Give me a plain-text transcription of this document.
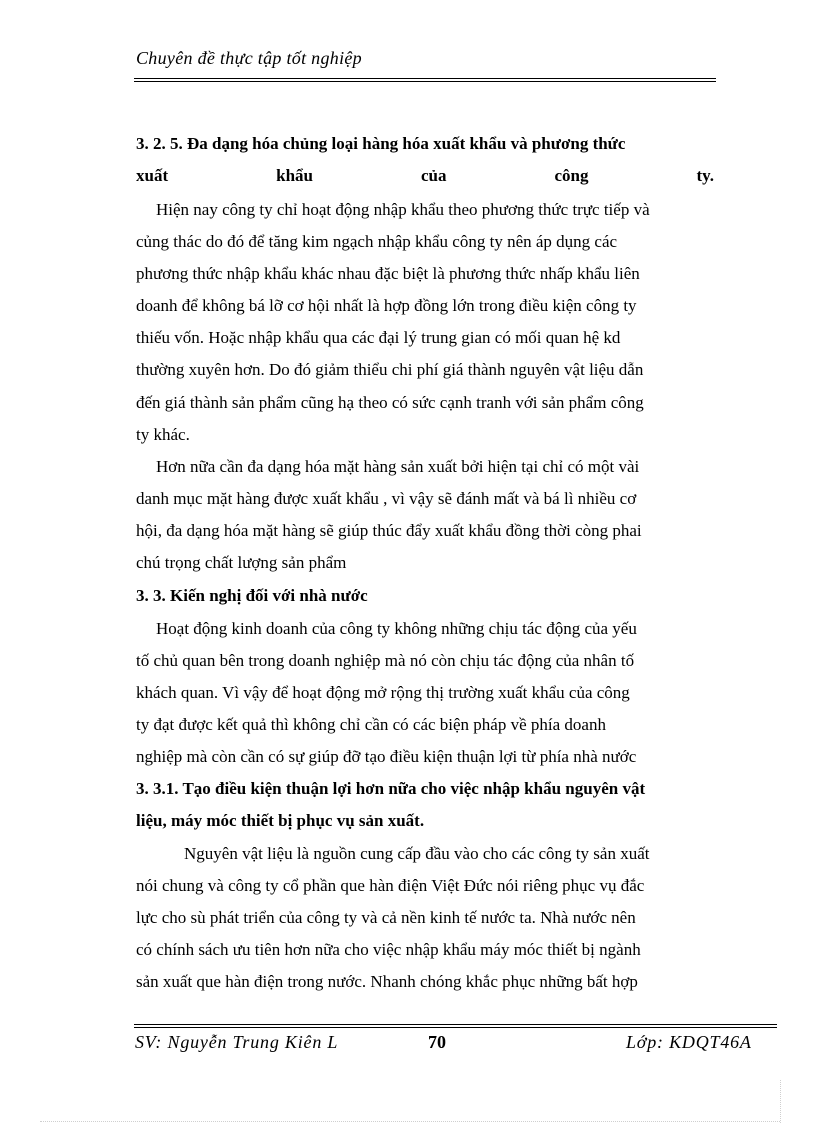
Chuyên đề thực tập tốt nghiệp
3. 2. 5. Đa dạng hóa chủng loại hàng hóa xuất khẩu và phương thức
xuất	khẩu	của	công	ty.
Hiện nay công ty chỉ hoạt động nhập khẩu theo phương thức trực tiếp và
củng thác do đó để tăng kim ngạch nhập khẩu công ty nên áp dụng các
phương thức nhập khẩu khác nhau đặc biệt là phương thức nhấp khẩu liên
doanh để không bá lỡ cơ hội nhất là hợp đồng lớn trong điều kiện công ty
thiếu vốn. Hoặc nhập khẩu qua các đại lý trung gian có mối quan hệ kd
thường xuyên hơn. Do đó giảm thiểu chi phí giá thành nguyên vật liệu dẫn
đến giá thành sản phẩm cũng hạ theo có sức cạnh tranh với sản phẩm công
ty khác.
Hơn nữa cần đa dạng hóa mặt hàng sản xuất bởi hiện tại chỉ có một vài
danh mục mặt hàng được xuất khẩu , vì vậy sẽ đánh mất và bá lì nhiều cơ
hội, đa dạng hóa mặt hàng sẽ giúp thúc đẩy xuất khẩu đồng thời còng phai
chú trọng chất lượng sản phẩm
3. 3. Kiến nghị đối với nhà nước
Hoạt động kinh doanh của công ty không những chịu tác động của yếu
tố chủ quan bên trong doanh nghiệp mà nó còn chịu tác động của nhân tố
khách quan. Vì vậy để hoạt động mở rộng thị trường xuất khẩu của công
ty đạt được kết quả thì không chỉ cần có các biện pháp về phía doanh
nghiệp mà còn cần có sự giúp đỡ tạo điều kiện thuận lợi từ phía nhà nước
3. 3.1. Tạo điều kiện thuận lợi hơn nữa cho việc nhập khẩu nguyên vật
liệu, máy móc thiết bị phục vụ sản xuất.
Nguyên vật liệu là nguồn cung cấp đầu vào cho các công ty sản xuất
nói chung và công ty cổ phần que hàn điện Việt Đức nói riêng phục vụ đắc
lực cho sù phát triển của công ty và cả nền kinh tế nước ta. Nhà nước nên
có chính sách ưu tiên hơn nữa cho việc nhập khẩu máy móc thiết bị ngành
sản xuất que hàn điện trong nước. Nhanh chóng khắc phục những bất hợp
SV: Nguyễn Trung Kiên L	70	Lớp: KDQT46A
